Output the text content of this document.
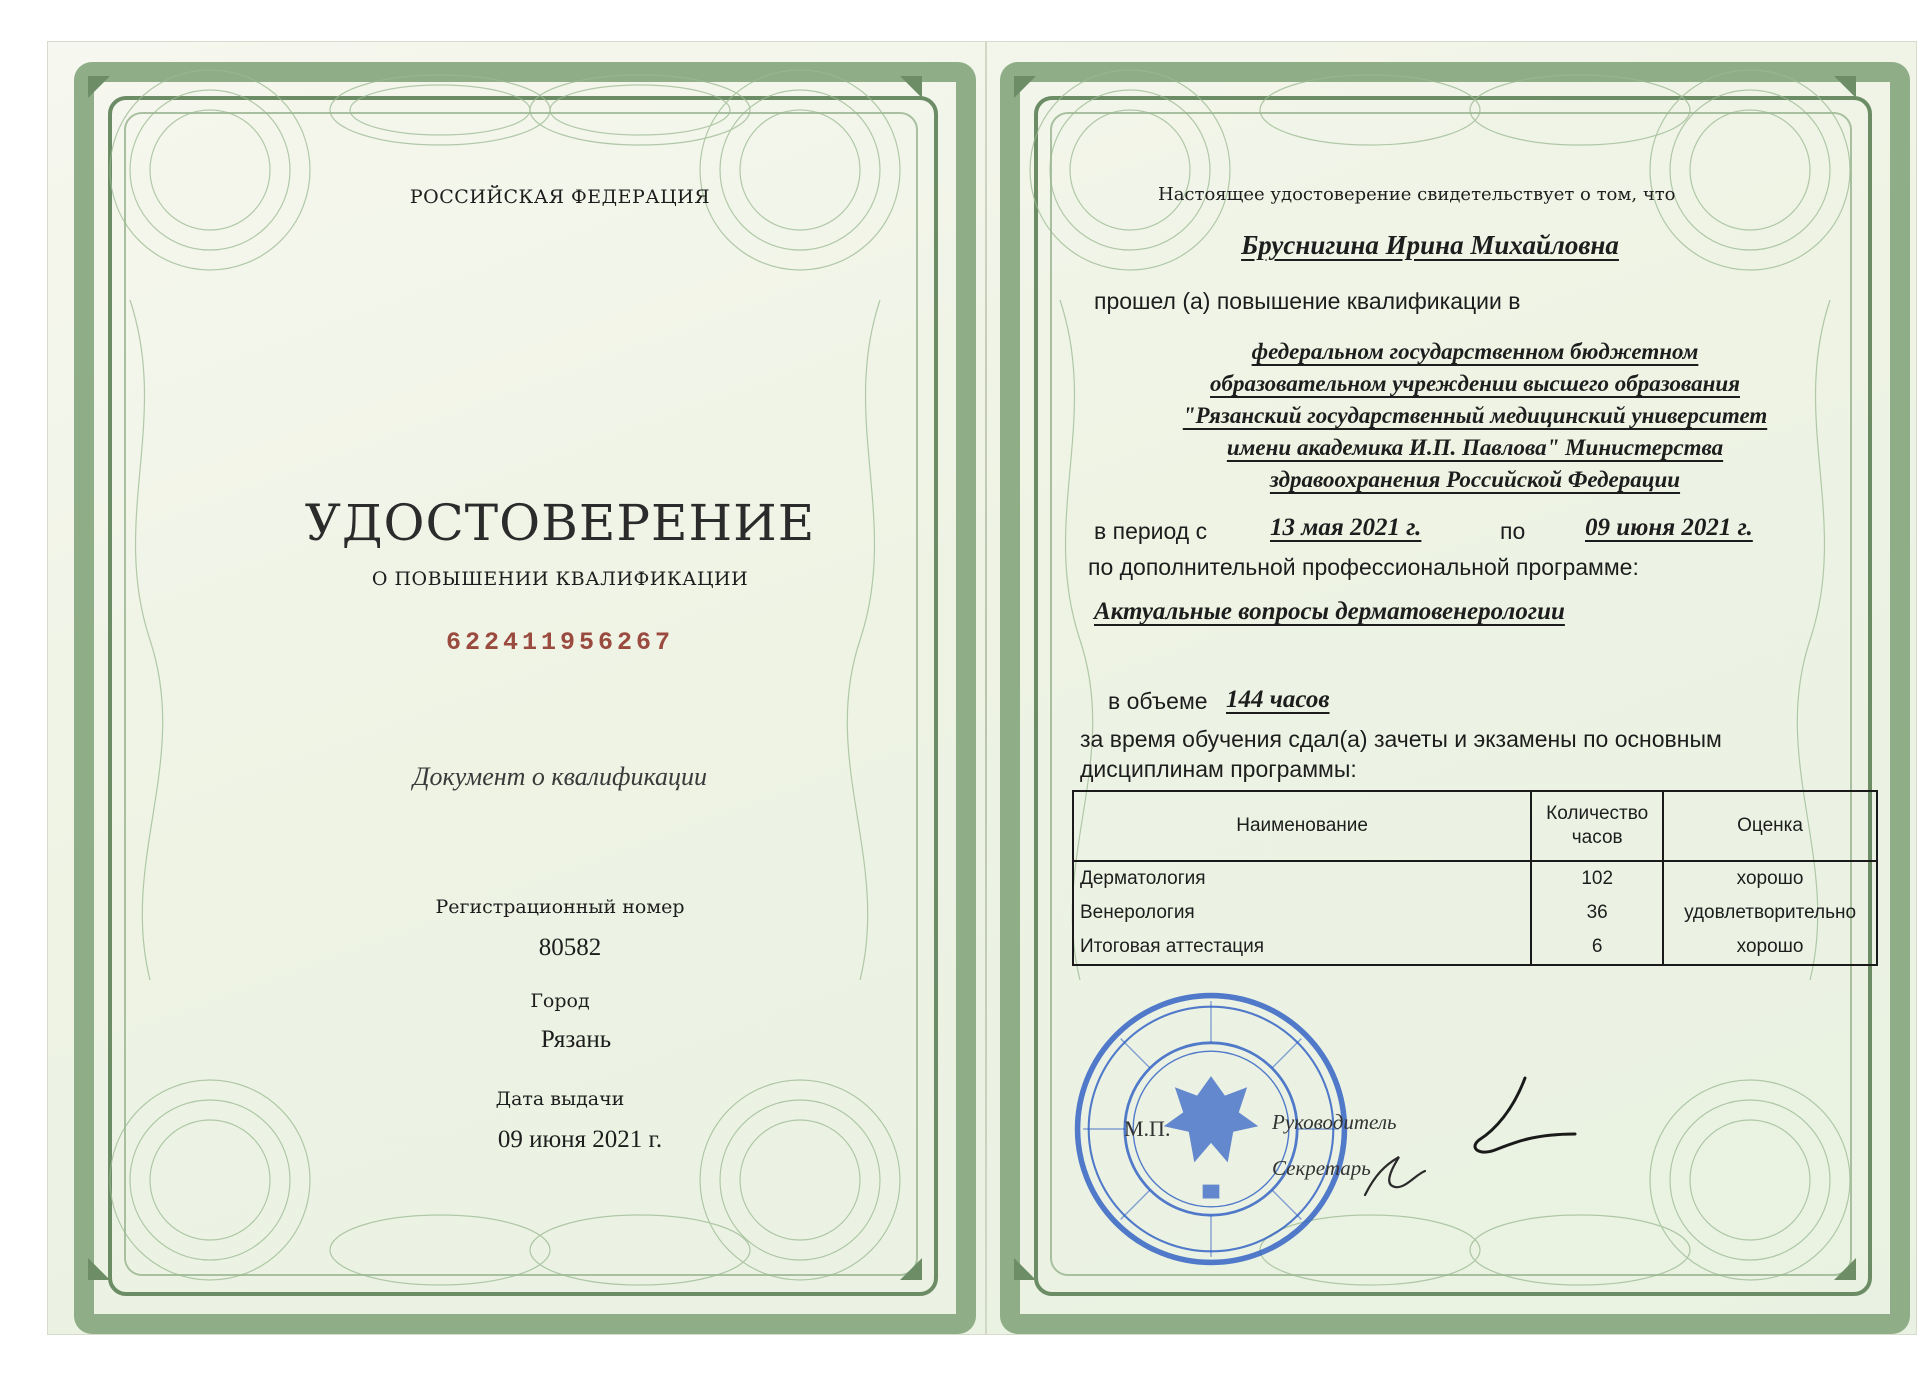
РОССИЙСКАЯ ФЕДЕРАЦИЯ
УДОСТОВЕРЕНИЕ
О ПОВЫШЕНИИ КВАЛИФИКАЦИИ
622411956267
Документ о квалификации
Регистрационный номер
80582
Город
Рязань
Дата выдачи
09 июня 2021 г.
Настоящее удостоверение свидетельствует о том, что
Бруснигина Ирина Михайловна
прошел (а) повышение квалификации в
федеральном государственном бюджетном
образовательном учреждении высшего образования
"Рязанский государственный медицинский университет
имени академика И.П. Павлова" Министерства
здравоохранения Российской Федерации
в период с	13 мая 2021 г.	по 09 июня 2021 г.
по дополнительной профессиональной программе:
Актуальные вопросы дерматовенерологии
в объеме 144 часов
за время обучения сдал(а) зачеты и экзамены по основным
дисциплинам программы:
Наименование	Количество часов	Оценка
Дерматология	102	хорошо
Венерология	36	удовлетворительно
Итоговая аттестация	6	хорошо
М.П.	Руководитель
Секретарь
